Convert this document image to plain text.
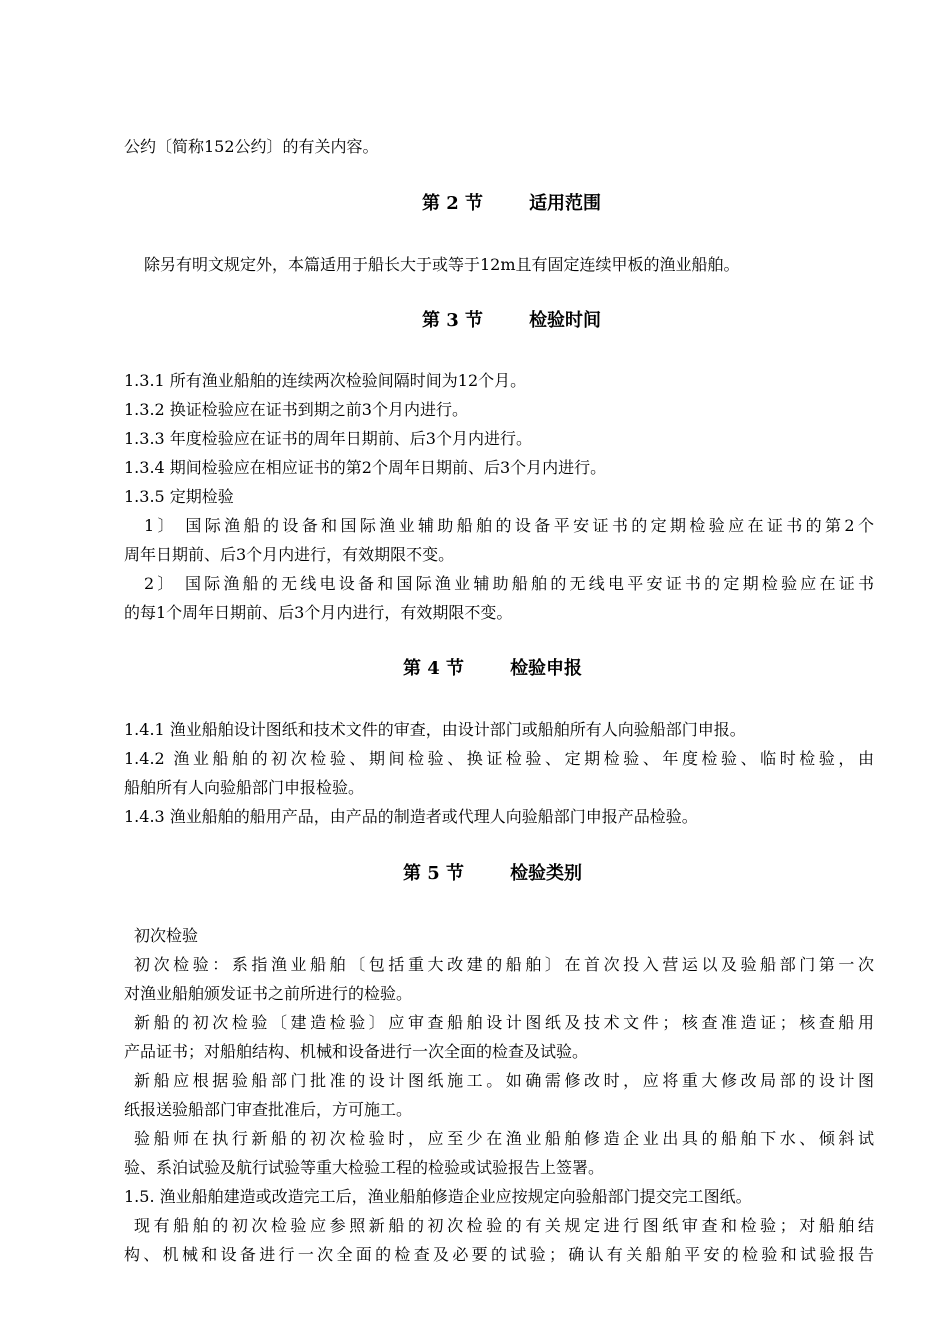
公约〔简称152公约〕的有关内容。
第 2 节	适用范围
除另有明文规定外，本篇适用于船长大于或等于12m且有固定连续甲板的渔业船舶。
第 3 节	检验时间
1.3.1 所有渔业船舶的连续两次检验间隔时间为12个月。
1.3.2 换证检验应在证书到期之前3个月内进行。
1.3.3 年度检验应在证书的周年日期前、后3个月内进行。
1.3.4 期间检验应在相应证书的第2个周年日期前、后3个月内进行。
1.3.5 定期检验
1〕 国际渔船的设备和国际渔业辅助船舶的设备平安证书的定期检验应在证书的第2个
周年日期前、后3个月内进行，有效期限不变。
2〕 国际渔船的无线电设备和国际渔业辅助船舶的无线电平安证书的定期检验应在证书
的每1个周年日期前、后3个月内进行，有效期限不变。
第 4 节	检验申报
1.4.1 渔业船舶设计图纸和技术文件的审查，由设计部门或船舶所有人向验船部门申报。
1.4.2 渔业船舶的初次检验、期间检验、换证检验、定期检验、年度检验、临时检验，由
船舶所有人向验船部门申报检验。
1.4.3 渔业船舶的船用产品，由产品的制造者或代理人向验船部门申报产品检验。
第 5 节	检验类别
初次检验
初次检验：系指渔业船舶〔包括重大改建的船舶〕在首次投入营运以及验船部门第一次
对渔业船舶颁发证书之前所进行的检验。
新船的初次检验〔建造检验〕应审查船舶设计图纸及技术文件；核查准造证；核查船用
产品证书；对船舶结构、机械和设备进行一次全面的检查及试验。
新船应根据验船部门批准的设计图纸施工。如确需修改时，应将重大修改局部的设计图
纸报送验船部门审查批准后，方可施工。
验船师在执行新船的初次检验时，应至少在渔业船舶修造企业出具的船舶下水、倾斜试
验、系泊试验及航行试验等重大检验工程的检验或试验报告上签署。
1.5. 渔业船舶建造或改造完工后，渔业船舶修造企业应按规定向验船部门提交完工图纸。
现有船舶的初次检验应参照新船的初次检验的有关规定进行图纸审查和检验；对船舶结
构、机械和设备进行一次全面的检查及必要的试验；确认有关船舶平安的检验和试验报告
